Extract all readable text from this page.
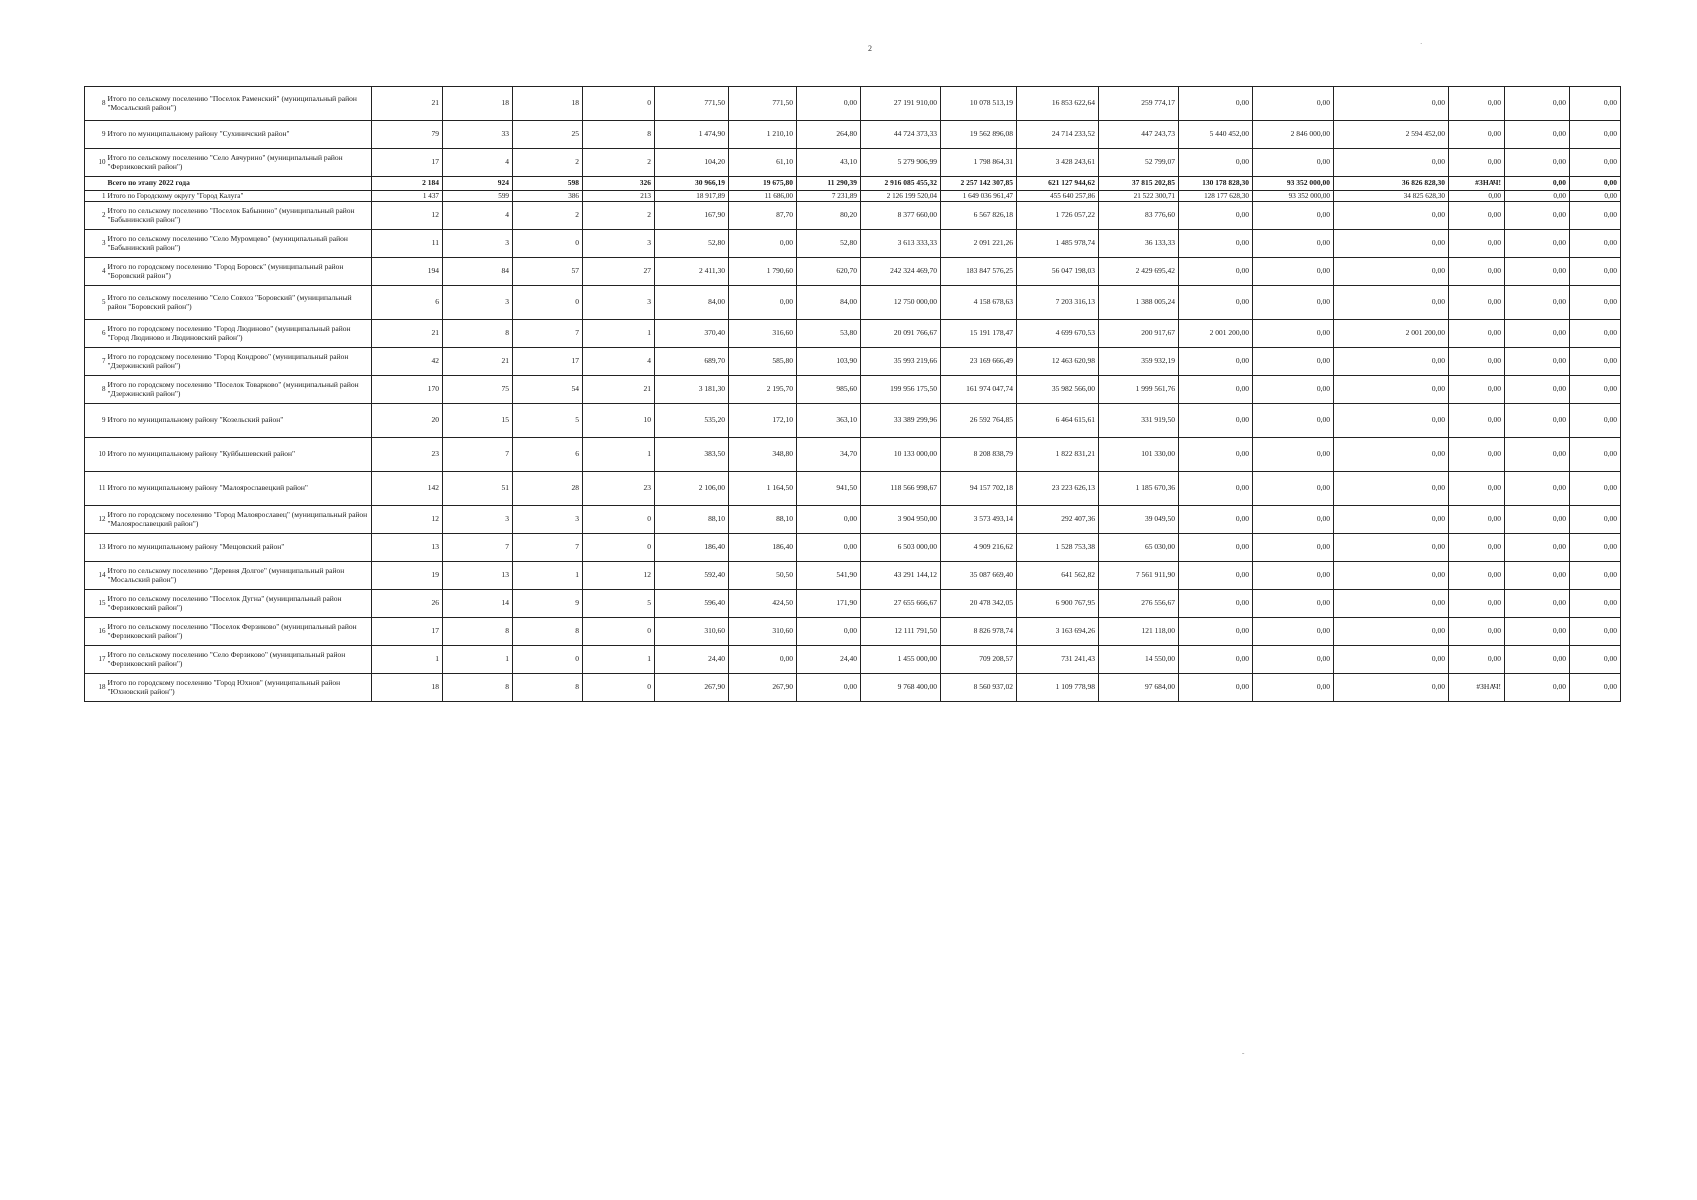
2	·
ˇ
8	Итого по сельскому поселению "Поселок Раменский" (муниципальный район "Мосальский район")	21	18	18	0	771,50	771,50	0,00	27 191 910,00	10 078 513,19	16 853 622,64	259 774,17	0,00	0,00	0,00	0,00	0,00	0,00
9	Итого по муниципальному району "Сухиничский район"	79	33	25	8	1 474,90	1 210,10	264,80	44 724 373,33	19 562 896,08	24 714 233,52	447 243,73	5 440 452,00	2 846 000,00	2 594 452,00	0,00	0,00	0,00
10	Итого по сельскому поселению "Село Авчурино" (муниципальный район "Ферзиковский район")	17	4	2	2	104,20	61,10	43,10	5 279 906,99	1 798 864,31	3 428 243,61	52 799,07	0,00	0,00	0,00	0,00	0,00	0,00
	Всего по этапу 2022 года	2 184	924	598	326	30 966,19	19 675,80	11 290,39	2 916 085 455,32	2 257 142 307,85	621 127 944,62	37 815 202,85	130 178 828,30	93 352 000,00	36 826 828,30	#ЗНАЧ!	0,00	0,00
1	Итого по Городскому округу "Город Калуга"	1 437	599	386	213	18 917,89	11 686,00	7 231,89	2 126 199 520,04	1 649 036 961,47	455 640 257,86	21 522 300,71	128 177 628,30	93 352 000,00	34 825 628,30	0,00	0,00	0,00
2	Итого по сельскому поселению "Поселок Бабынино" (муниципальный район "Бабынинский район")	12	4	2	2	167,90	87,70	80,20	8 377 660,00	6 567 826,18	1 726 057,22	83 776,60	0,00	0,00	0,00	0,00	0,00	0,00
3	Итого по сельскому поселению "Село Муромцево" (муниципальный район "Бабынинский район")	11	3	0	3	52,80	0,00	52,80	3 613 333,33	2 091 221,26	1 485 978,74	36 133,33	0,00	0,00	0,00	0,00	0,00	0,00
4	Итого по городскому поселению "Город Боровск" (муниципальный район "Боровский район")	194	84	57	27	2 411,30	1 790,60	620,70	242 324 469,70	183 847 576,25	56 047 198,03	2 429 695,42	0,00	0,00	0,00	0,00	0,00	0,00
5	Итого по сельскому поселению "Село Совхоз "Боровский" (муниципальный район "Боровский район")	6	3	0	3	84,00	0,00	84,00	12 750 000,00	4 158 678,63	7 203 316,13	1 388 005,24	0,00	0,00	0,00	0,00	0,00	0,00
6	Итого по городскому поселению "Город Людиново" (муниципальный район "Город Людиново и Людиновский район")	21	8	7	1	370,40	316,60	53,80	20 091 766,67	15 191 178,47	4 699 670,53	200 917,67	2 001 200,00	0,00	2 001 200,00	0,00	0,00	0,00
7	Итого по городскому поселению "Город Кондрово" (муниципальный район "Дзержинский район")	42	21	17	4	689,70	585,80	103,90	35 993 219,66	23 169 666,49	12 463 620,98	359 932,19	0,00	0,00	0,00	0,00	0,00	0,00
8	Итого по городскому поселению "Поселок Товарково" (муниципальный район "Дзержинский район")	170	75	54	21	3 181,30	2 195,70	985,60	199 956 175,50	161 974 047,74	35 982 566,00	1 999 561,76	0,00	0,00	0,00	0,00	0,00	0,00
9	Итого по муниципальному району "Козельский район"	20	15	5	10	535,20	172,10	363,10	33 389 299,96	26 592 764,85	6 464 615,61	331 919,50	0,00	0,00	0,00	0,00	0,00	0,00
10	Итого по муниципальному району "Куйбышевский район"	23	7	6	1	383,50	348,80	34,70	10 133 000,00	8 208 838,79	1 822 831,21	101 330,00	0,00	0,00	0,00	0,00	0,00	0,00
11	Итого по муниципальному району "Малоярославецкий район"	142	51	28	23	2 106,00	1 164,50	941,50	118 566 998,67	94 157 702,18	23 223 626,13	1 185 670,36	0,00	0,00	0,00	0,00	0,00	0,00
12	Итого по городскому поселению "Город Малоярославец" (муниципальный район "Малоярославецкий район")	12	3	3	0	88,10	88,10	0,00	3 904 950,00	3 573 493,14	292 407,36	39 049,50	0,00	0,00	0,00	0,00	0,00	0,00
13	Итого по муниципальному району "Мещовский район"	13	7	7	0	186,40	186,40	0,00	6 503 000,00	4 909 216,62	1 528 753,38	65 030,00	0,00	0,00	0,00	0,00	0,00	0,00
14	Итого по сельскому поселению "Деревня Долгое" (муниципальный район "Мосальский район")	19	13	1	12	592,40	50,50	541,90	43 291 144,12	35 087 669,40	641 562,82	7 561 911,90	0,00	0,00	0,00	0,00	0,00	0,00
15	Итого по сельскому поселению "Поселок Дугна" (муниципальный район "Ферзиковский район")	26	14	9	5	596,40	424,50	171,90	27 655 666,67	20 478 342,05	6 900 767,95	276 556,67	0,00	0,00	0,00	0,00	0,00	0,00
16	Итого по сельскому поселению "Поселок Ферзиково" (муниципальный район "Ферзиковский район")	17	8	8	0	310,60	310,60	0,00	12 111 791,50	8 826 978,74	3 163 694,26	121 118,00	0,00	0,00	0,00	0,00	0,00	0,00
17	Итого по сельскому поселению "Село Ферзиково" (муниципальный район "Ферзиковский район")	1	1	0	1	24,40	0,00	24,40	1 455 000,00	709 208,57	731 241,43	14 550,00	0,00	0,00	0,00	0,00	0,00	0,00
18	Итого по городскому поселению "Город Юхнов" (муниципальный район "Юхновский район")	18	8	8	0	267,90	267,90	0,00	9 768 400,00	8 560 937,02	1 109 778,98	97 684,00	0,00	0,00	0,00	#ЗНАЧ!	0,00	0,00
